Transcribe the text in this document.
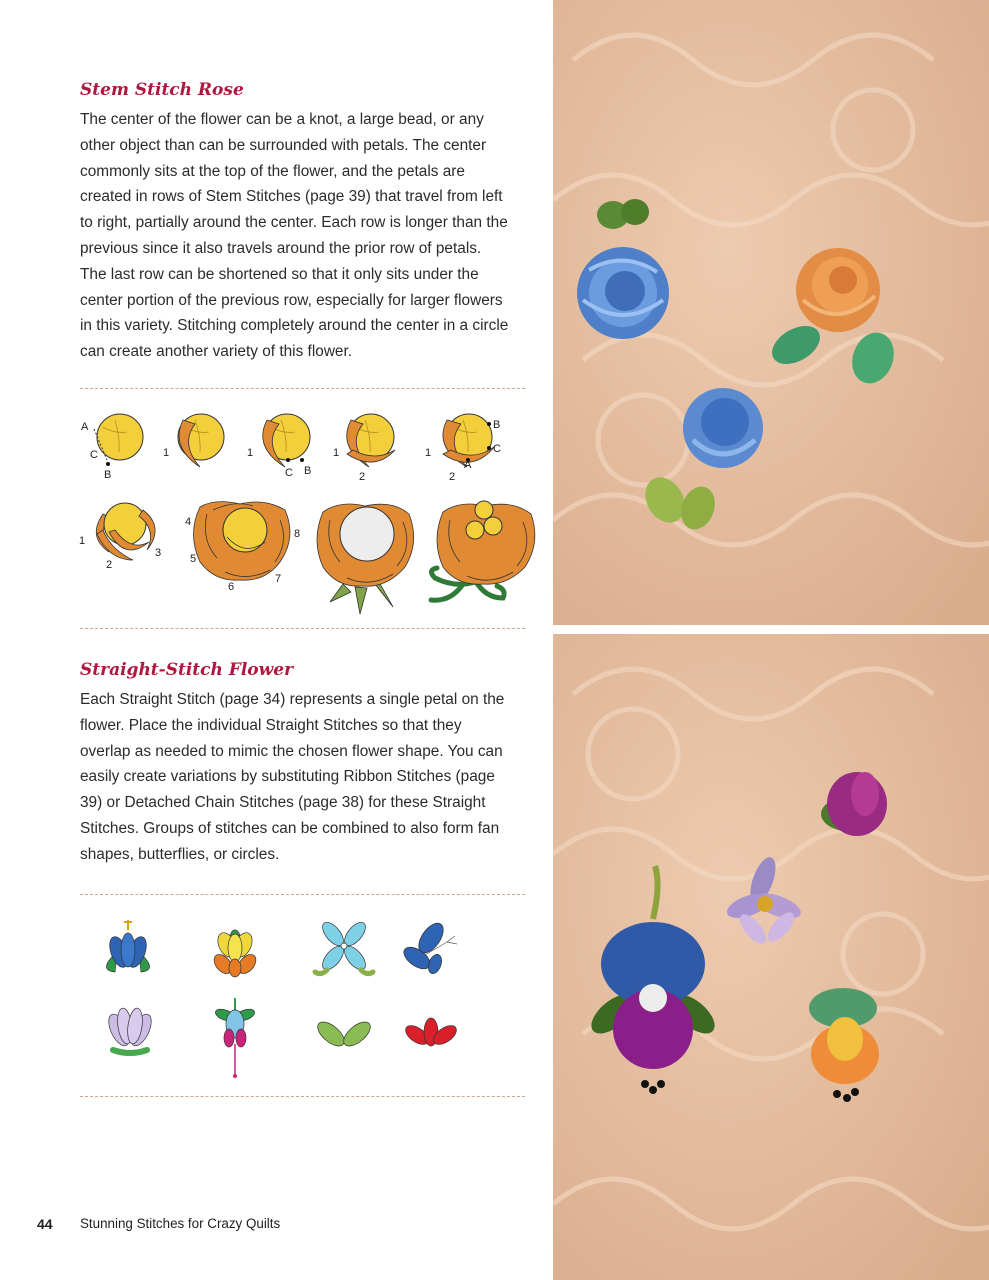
Stem Stitch Rose

The center of the flower can be a knot, a large bead, or any other object than can be surrounded with petals. The center commonly sits at the top of the flower, and the petals are created in rows of Stem Stitches (page 39) that travel from left to right, partially around the center. Each row is longer than the previous since it also travels around the prior row of petals. The last row can be shortened so that it only sits under the center portion of the previous row, especially for larger flowers in this variety. Stitching completely around the center in a circle can create another variety of this flower.

A
C
B
1	1
C B
1
2
1
B
C
A
2
1
2
3
4
8
5
7
6
Straight-Stitch Flower

Each Straight Stitch (page 34) represents a single petal on the flower. Place the individual Straight Stitches so that they overlap as needed to mimic the chosen flower shape. You can easily create variations by substituting Ribbon Stitches (page 39) or Detached Chain Stitches (page 38) for these Straight Stitches. Groups of stitches can be combined to also form fan shapes, butterflies, or circles.

44 Stunning Stitches for Crazy Quilts
